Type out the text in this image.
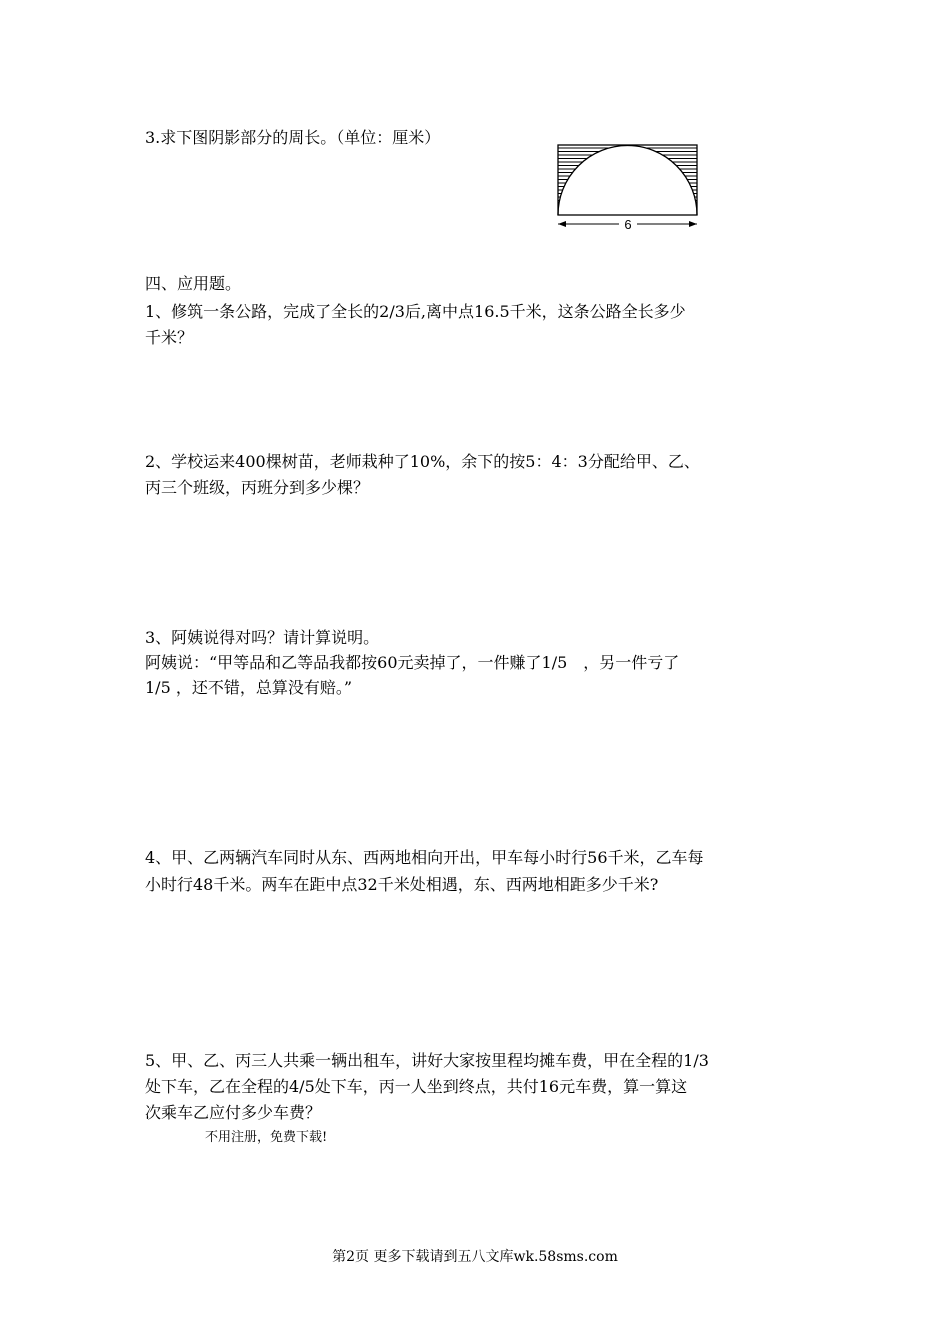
3.求下图阴影部分的周长。（单位：厘米）
6
四、应用题。
1、修筑一条公路，完成了全长的2/3后,离中点16.5千米，这条公路全长多少
千米？
2、学校运来400棵树苗，老师栽种了10%，余下的按5：4：3分配给甲、乙、
丙三个班级，丙班分到多少棵？
3、阿姨说得对吗？请计算说明。
阿姨说：“甲等品和乙等品我都按60元卖掉了，一件赚了1/5　，另一件亏了
1/5 ，还不错，总算没有赔。”
4、甲、乙两辆汽车同时从东、西两地相向开出，甲车每小时行56千米，乙车每
小时行48千米。两车在距中点32千米处相遇，东、西两地相距多少千米?
5、甲、乙、丙三人共乘一辆出租车，讲好大家按里程均摊车费，甲在全程的1/3
处下车，乙在全程的4/5处下车，丙一人坐到终点，共付16元车费，算一算这
次乘车乙应付多少车费？
不用注册，免费下载!
第2页 更多下载请到五八文库wk.58sms.com
